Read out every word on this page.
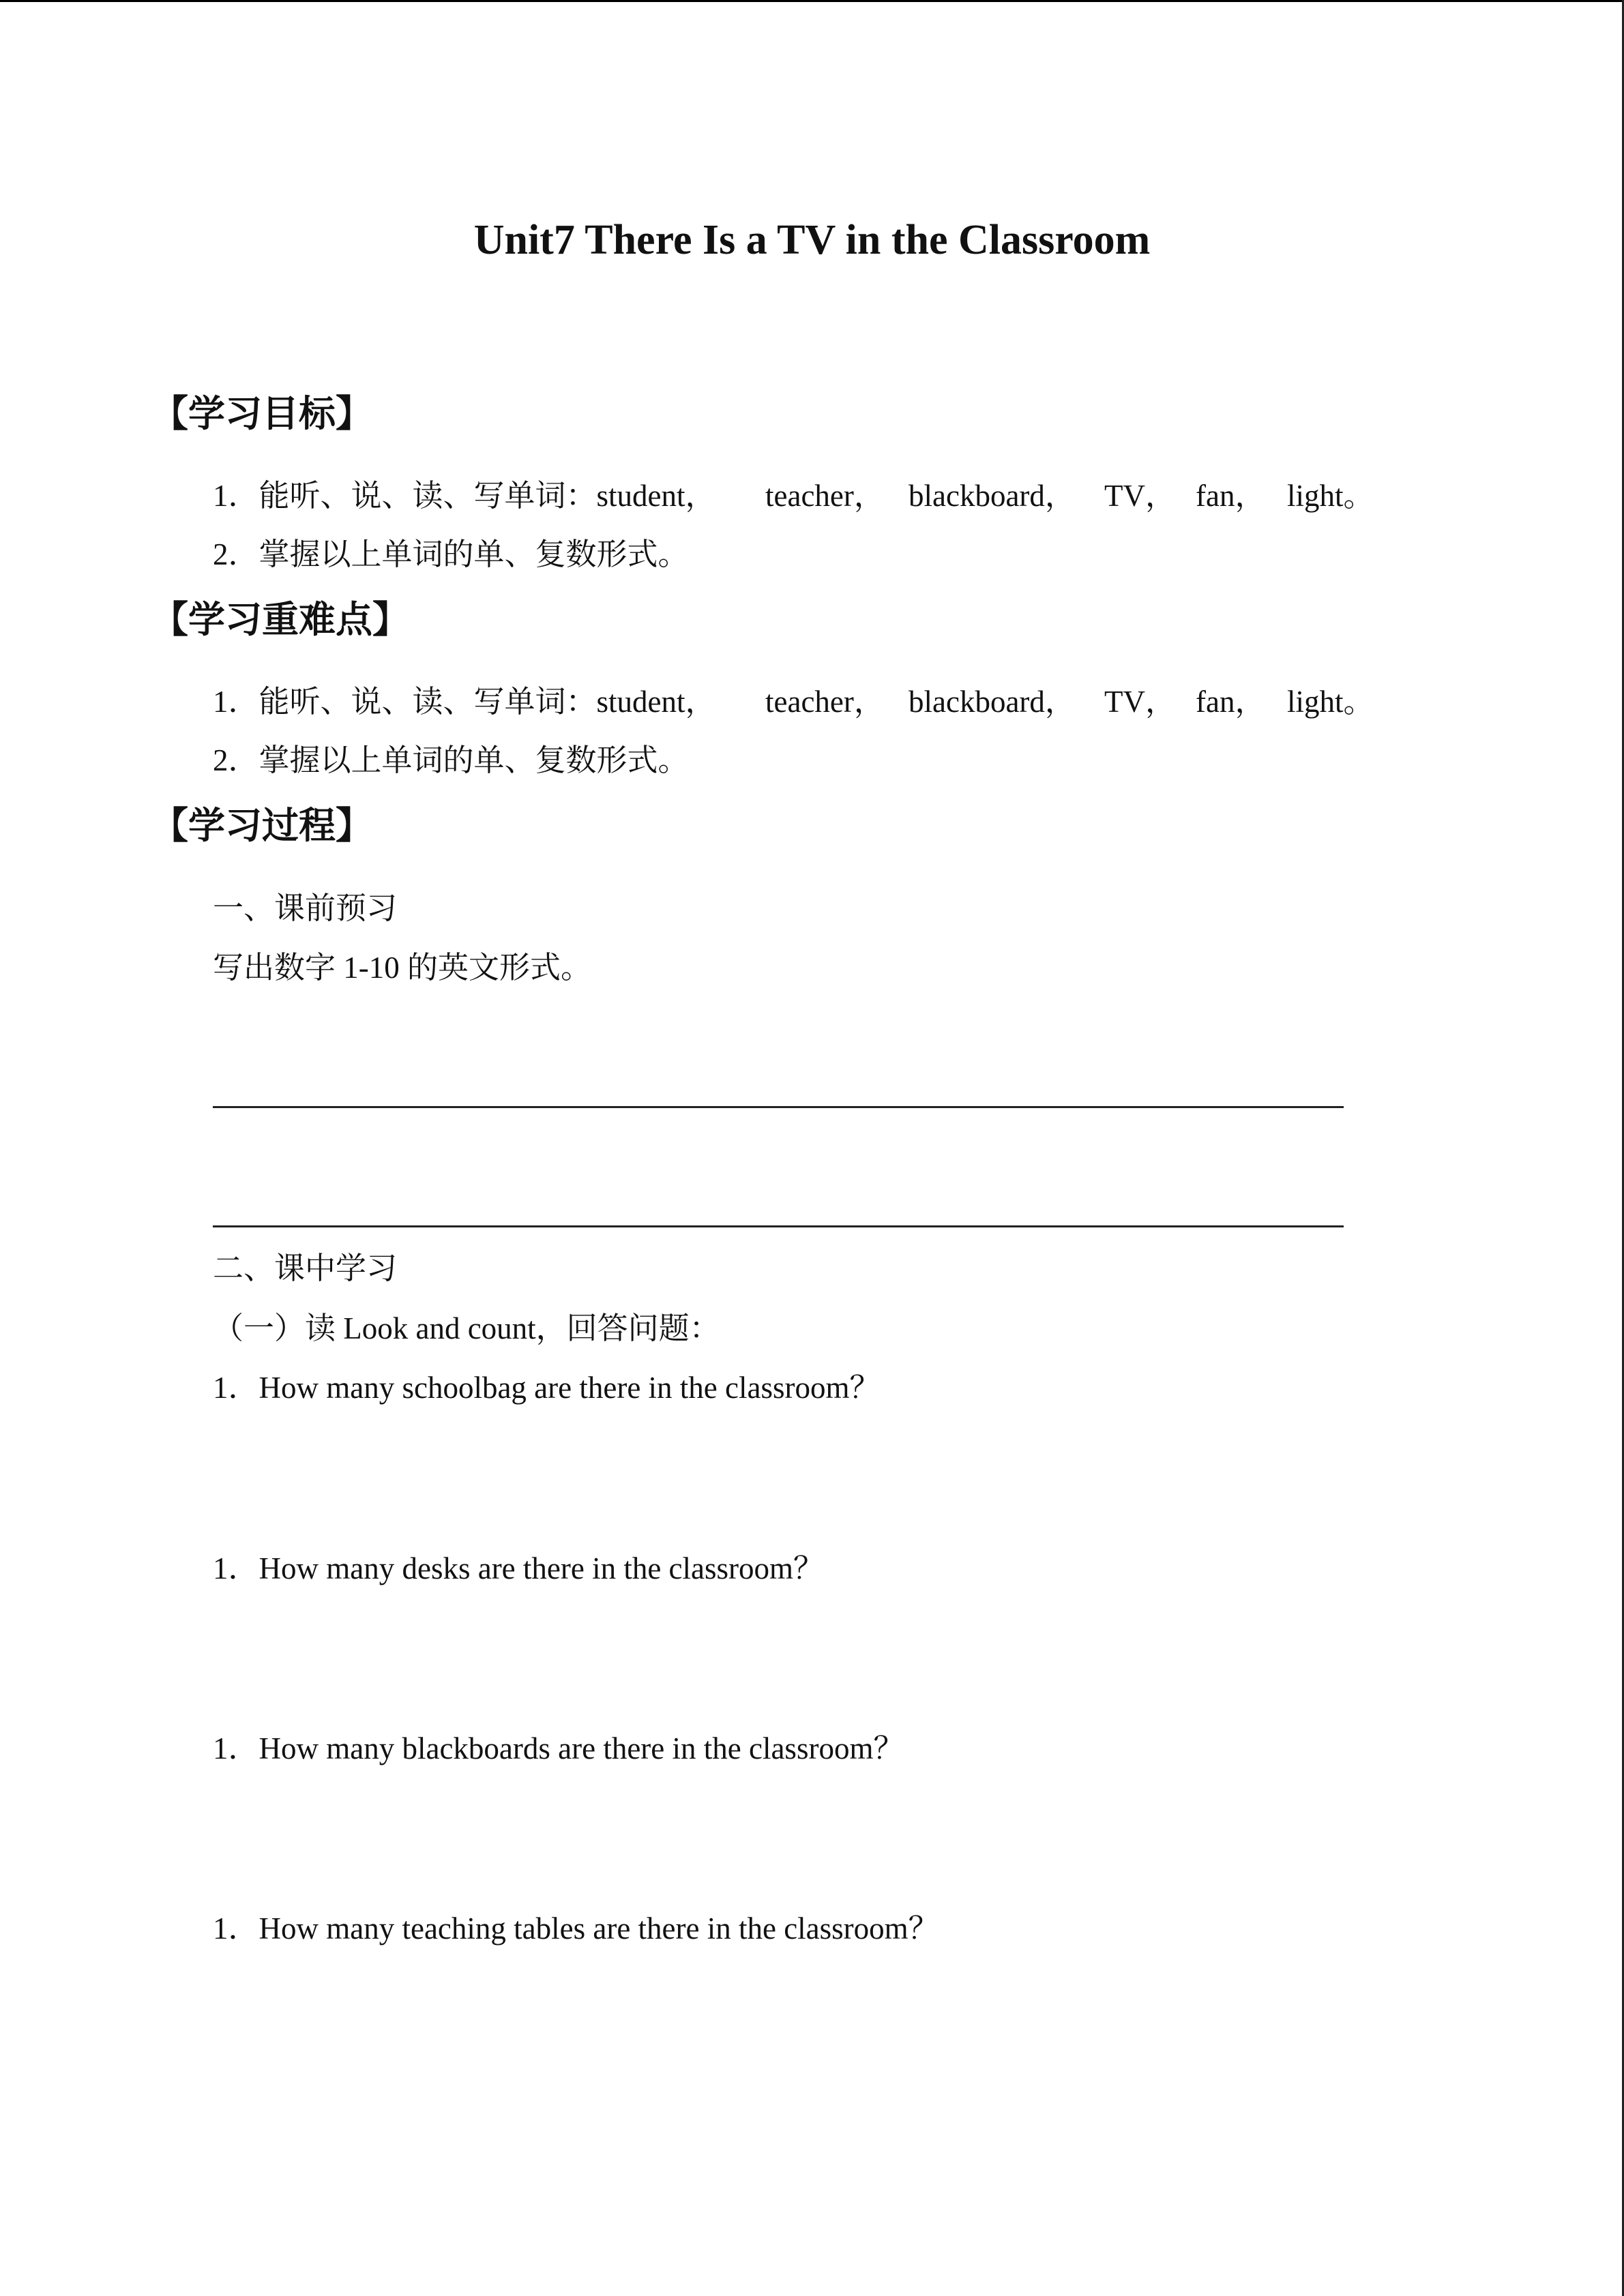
Unit7 There Is a TV in the Classroom
【学习目标】
1．能听、说、读、写单词：student， teacher， blackboard， TV， fan， light。
2．掌握以上单词的单、复数形式。
【学习重难点】
1．能听、说、读、写单词：student， teacher， blackboard， TV， fan， light。
2．掌握以上单词的单、复数形式。
【学习过程】
一、课前预习
写出数字 1-10 的英文形式。
二、课中学习
（一）读 Look and count，回答问题：
1．How many schoolbag are there in the classroom？
1．How many desks are there in the classroom？
1．How many blackboards are there in the classroom？
1．How many teaching tables are there in the classroom？
